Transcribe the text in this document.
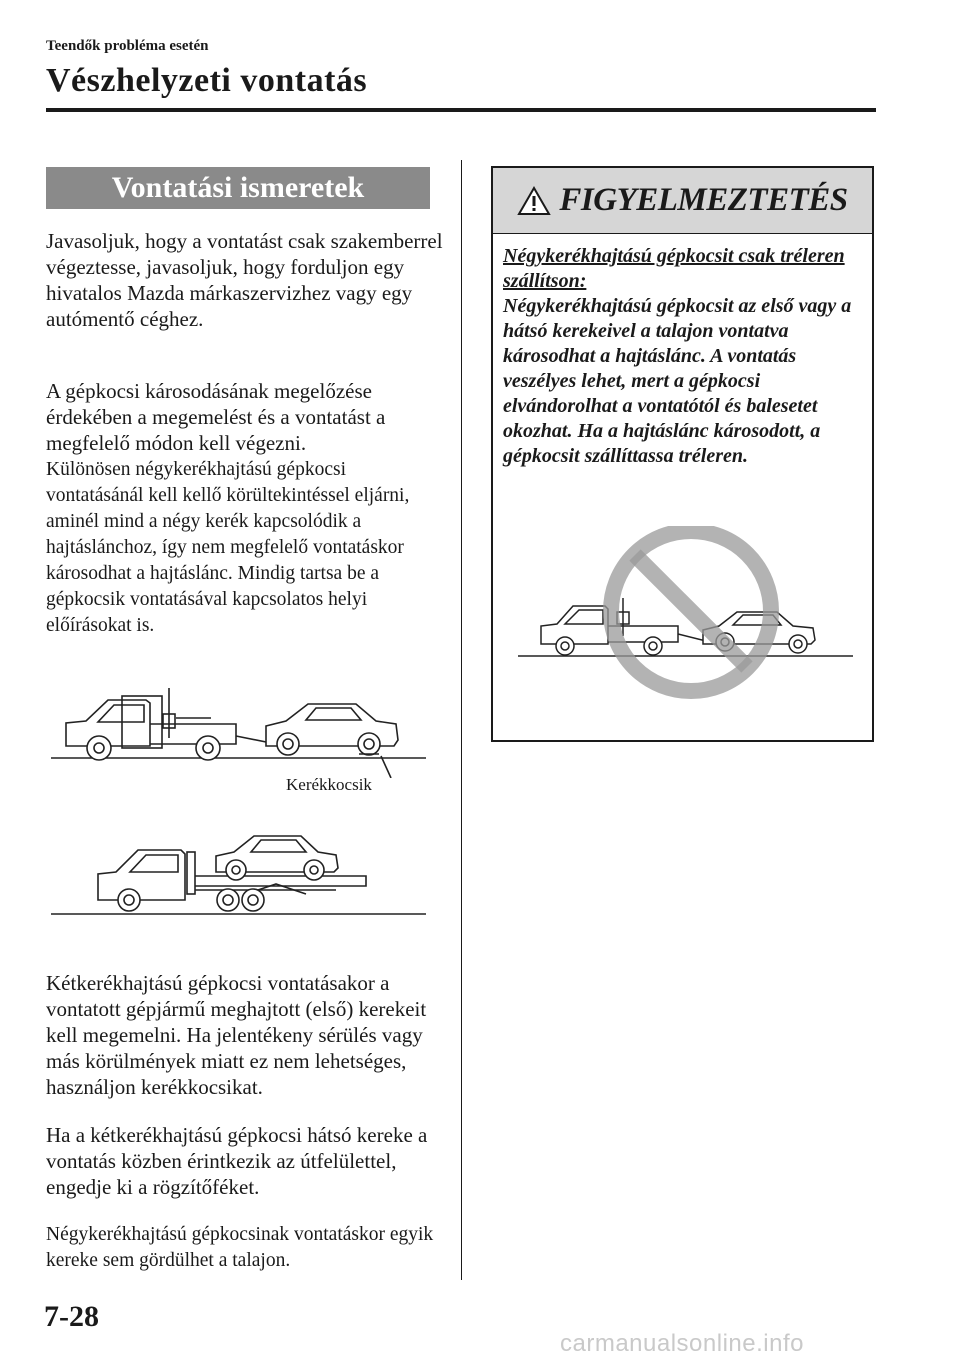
Teendők probléma esetén
Vészhelyzeti vontatás
Vontatási ismeretek

Javasoljuk, hogy a vontatást csak szakemberrel végeztesse, javasoljuk, hogy forduljon egy hivatalos Mazda márkaszervizhez vagy egy autómentő céghez.

A gépkocsi károsodásának megelőzése érdekében a megemelést és a vontatást a megfelelő módon kell végezni.

Különösen négykerékhajtású gépkocsi vontatásánál kell kellő körültekintéssel eljárni, aminél mind a négy kerék kapcsolódik a hajtáslánchoz, így nem megfelelő vontatáskor károsodhat a hajtáslánc. Mindig tartsa be a gépkocsik vontatásával kapcsolatos helyi előírásokat is.

Kerékkocsik

Kétkerékhajtású gépkocsi vontatásakor a vontatott gépjármű meghajtott (első) kerekeit kell megemelni. Ha jelentékeny sérülés vagy más körülmények miatt ez nem lehetséges, használjon kerékkocsikat.

Ha a kétkerékhajtású gépkocsi hátsó kereke a vontatás közben érintkezik az útfelülettel, engedje ki a rögzítőféket.

Négykerékhajtású gépkocsinak vontatáskor egyik kereke sem gördülhet a talajon.

FIGYELMEZTETÉS
Négykerékhajtású gépkocsit csak tréleren szállítson:

Négykerékhajtású gépkocsit az első vagy a hátsó kerekeivel a talajon vontatva károsodhat a hajtáslánc. A vontatás veszélyes lehet, mert a gépkocsi elvándorolhat a vontatótól és balesetet okozhat. Ha a hajtáslánc károsodott, a gépkocsit szállíttassa tréleren.

7-28
carmanualsonline.info
